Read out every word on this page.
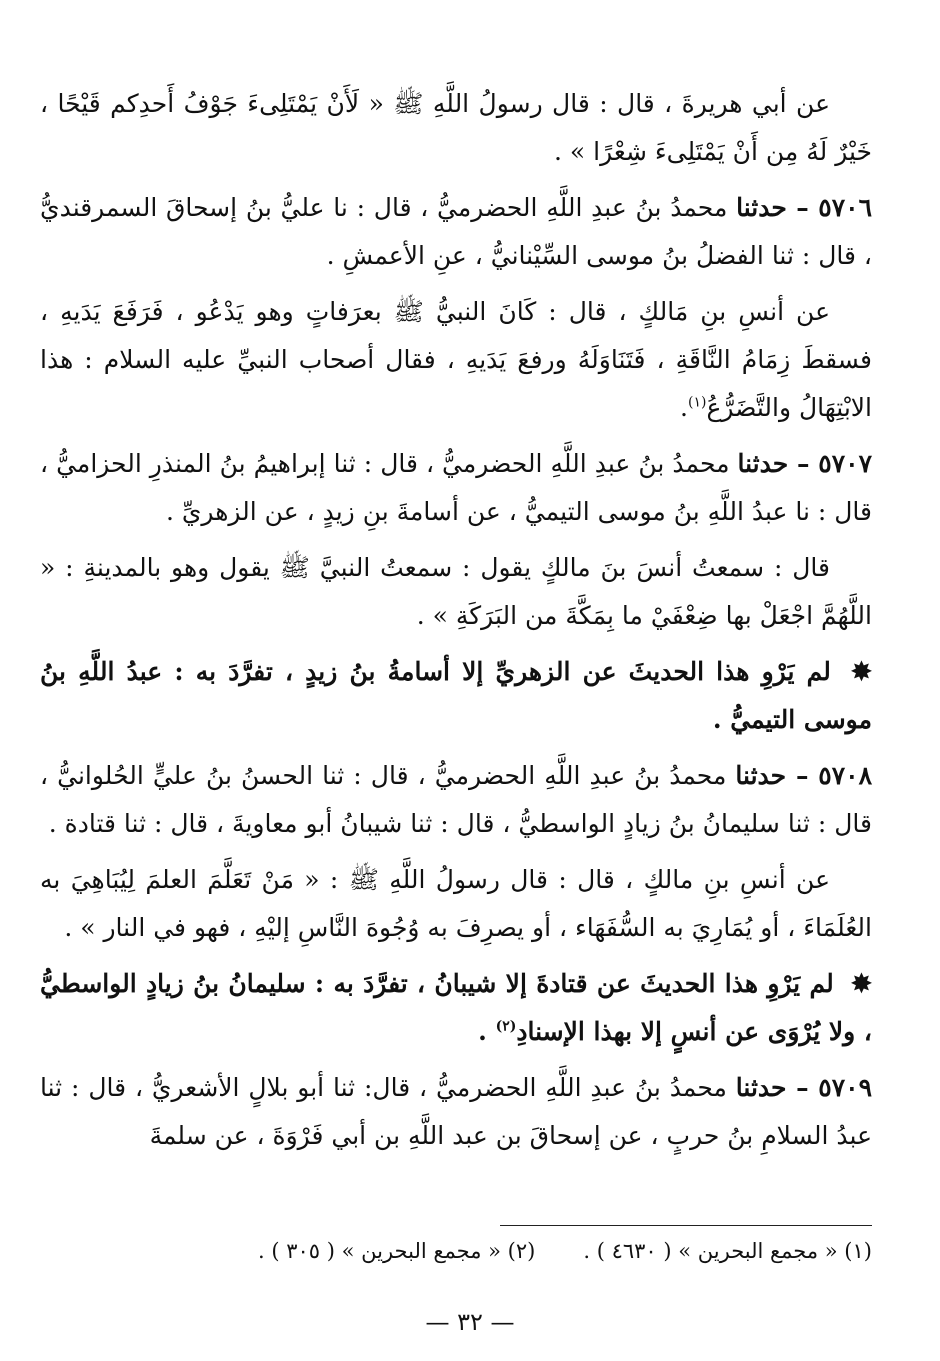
عن أبي هريرةَ ، قال : قال رسولُ اللَّهِ ﷺ « لَأَنْ يَمْتَلِىءَ جَوْفُ أَحدِكم قَيْحًا ، خَيْرٌ لَهُ مِن أَنْ يَمْتَلِىءَ شِعْرًا » .

٥٧٠٦ – حدثنا محمدُ بنُ عبدِ اللَّهِ الحضرميُّ ، قال : نا عليُّ بنُ إسحاقَ السمرقنديُّ ، قال : ثنا الفضلُ بنُ موسى السِّيْنانيُّ ، عنِ الأعمشِ .

عن أنسِ بنِ مَالكٍ ، قال : كَانَ النبيُّ ﷺ بعرَفاتٍ وهو يَدْعُو ، فَرَفَعَ يَدَيهِ ، فسقطَ زِمَامُ النَّاقَةِ ، فَتَنَاوَلَهُ ورفعَ يَدَيهِ ، فقال أصحاب النبيِّ عليه السلام : هذا الابْتِهَالُ والتَّضَرُّعُ$^{(١)}$.

٥٧٠٧ – حدثنا محمدُ بنُ عبدِ اللَّهِ الحضرميُّ ، قال : ثنا إبراهيمُ بنُ المنذرِ الحزاميُّ ، قال : نا عبدُ اللَّهِ بنُ موسى التيميُّ ، عن أسامةَ بنِ زيدٍ ، عن الزهريِّ .

قال : سمعتُ أنسَ بنَ مالكٍ يقول : سمعتُ النبيَّ ﷺ يقول وهو بالمدينةِ : « اللَّهُمَّ اجْعَلْ بها ضِعْفَيْ ما بِمَكَّةَ من البَرَكَةِ » .

✸ لم يَرْوِ هذا الحديثَ عن الزهريِّ إلا أسامةُ بنُ زيدٍ ، تفرَّدَ به : عبدُ اللَّهِ بنُ موسى التيميُّ .

٥٧٠٨ – حدثنا محمدُ بنُ عبدِ اللَّهِ الحضرميُّ ، قال : ثنا الحسنُ بنُ عليٍّ الحُلوانيُّ ، قال : ثنا سليمانُ بنُ زيادٍ الواسطيُّ ، قال : ثنا شيبانُ أبو معاويةَ ، قال : ثنا قتادة .

عن أنسِ بنِ مالكٍ ، قال : قال رسولُ اللَّهِ ﷺ : « مَنْ تَعَلَّمَ العلمَ لِيُبَاهِيَ به العُلَمَاءَ ، أو يُمَارِيَ به السُّفَهَاء ، أو يصرِفَ به وُجُوهَ النَّاسِ إليْهِ ، فهو في النار » .

✸ لم يَرْوِ هذا الحديثَ عن قتادةَ إلا شيبانُ ، تفرَّدَ به : سليمانُ بنُ زيادٍ الواسطيُّ ، ولا يُرْوَى عن أنسٍ إلا بهذا الإسنادِ$^{(٢)}$ .

٥٧٠٩ – حدثنا محمدُ بنُ عبدِ اللَّهِ الحضرميُّ ، قال: ثنا أبو بلالٍ الأشعريُّ ، قال : ثنا عبدُ السلامِ بنُ حربٍ ، عن إسحاقَ بن عبد اللَّهِ بن أبي فَرْوَةَ ، عن سلمةَ

(١) « مجمع البحرين » ( ٤٦٣٠ ) .
(٢) « مجمع البحرين » ( ٣٠٥ ) .
— ٣٢ —
